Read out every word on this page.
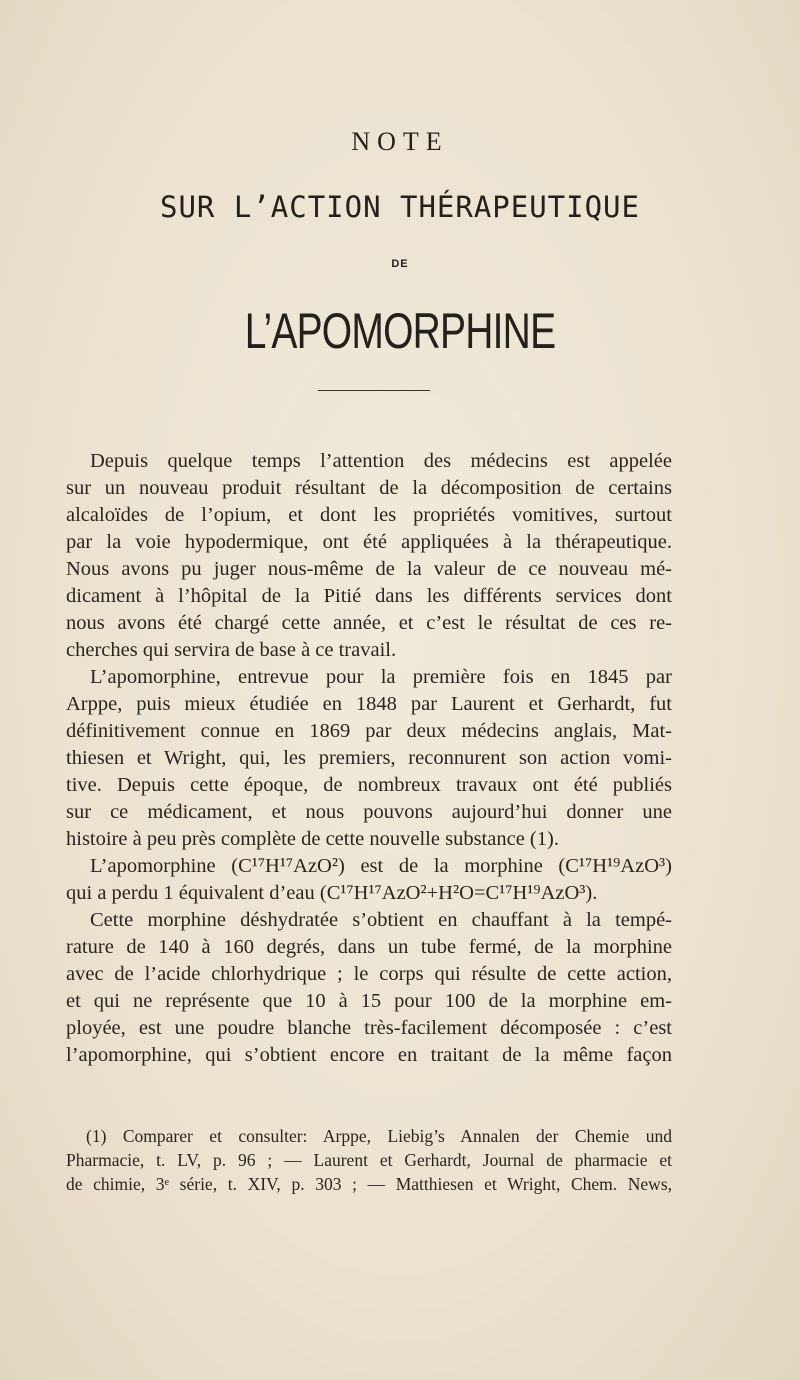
NOTE
SUR L’ACTION THÉRAPEUTIQUE
DE
L’APOMORPHINE
Depuis quelque temps l’attention des médecins est appelée
sur un nouveau produit résultant de la décomposition de certains
alcaloïdes de l’opium, et dont les propriétés vomitives, surtout
par la voie hypodermique, ont été appliquées à la thérapeutique.
Nous avons pu juger nous-même de la valeur de ce nouveau mé-
dicament à l’hôpital de la Pitié dans les différents services dont
nous avons été chargé cette année, et c’est le résultat de ces re-
cherches qui servira de base à ce travail.
L’apomorphine, entrevue pour la première fois en 1845 par
Arppe, puis mieux étudiée en 1848 par Laurent et Gerhardt, fut
définitivement connue en 1869 par deux médecins anglais, Mat-
thiesen et Wright, qui, les premiers, reconnurent son action vomi-
tive. Depuis cette époque, de nombreux travaux ont été publiés
sur ce médicament, et nous pouvons aujourd’hui donner une
histoire à peu près complète de cette nouvelle substance (1).
L’apomorphine (C¹⁷H¹⁷AzO²) est de la morphine (C¹⁷H¹⁹AzO³)
qui a perdu 1 équivalent d’eau (C¹⁷H¹⁷AzO²+H²O=C¹⁷H¹⁹AzO³).
Cette morphine déshydratée s’obtient en chauffant à la tempé-
rature de 140 à 160 degrés, dans un tube fermé, de la morphine
avec de l’acide chlorhydrique ; le corps qui résulte de cette action,
et qui ne représente que 10 à 15 pour 100 de la morphine em-
ployée, est une poudre blanche très-facilement décomposée : c’est
l’apomorphine, qui s’obtient encore en traitant de la même façon
(1) Comparer et consulter: Arppe, Liebig’s Annalen der Chemie und
Pharmacie, t. LV, p. 96 ; — Laurent et Gerhardt, Journal de pharmacie et
de chimie, 3ᵉ série, t. XIV, p. 303 ; — Matthiesen et Wright, Chem. News,
